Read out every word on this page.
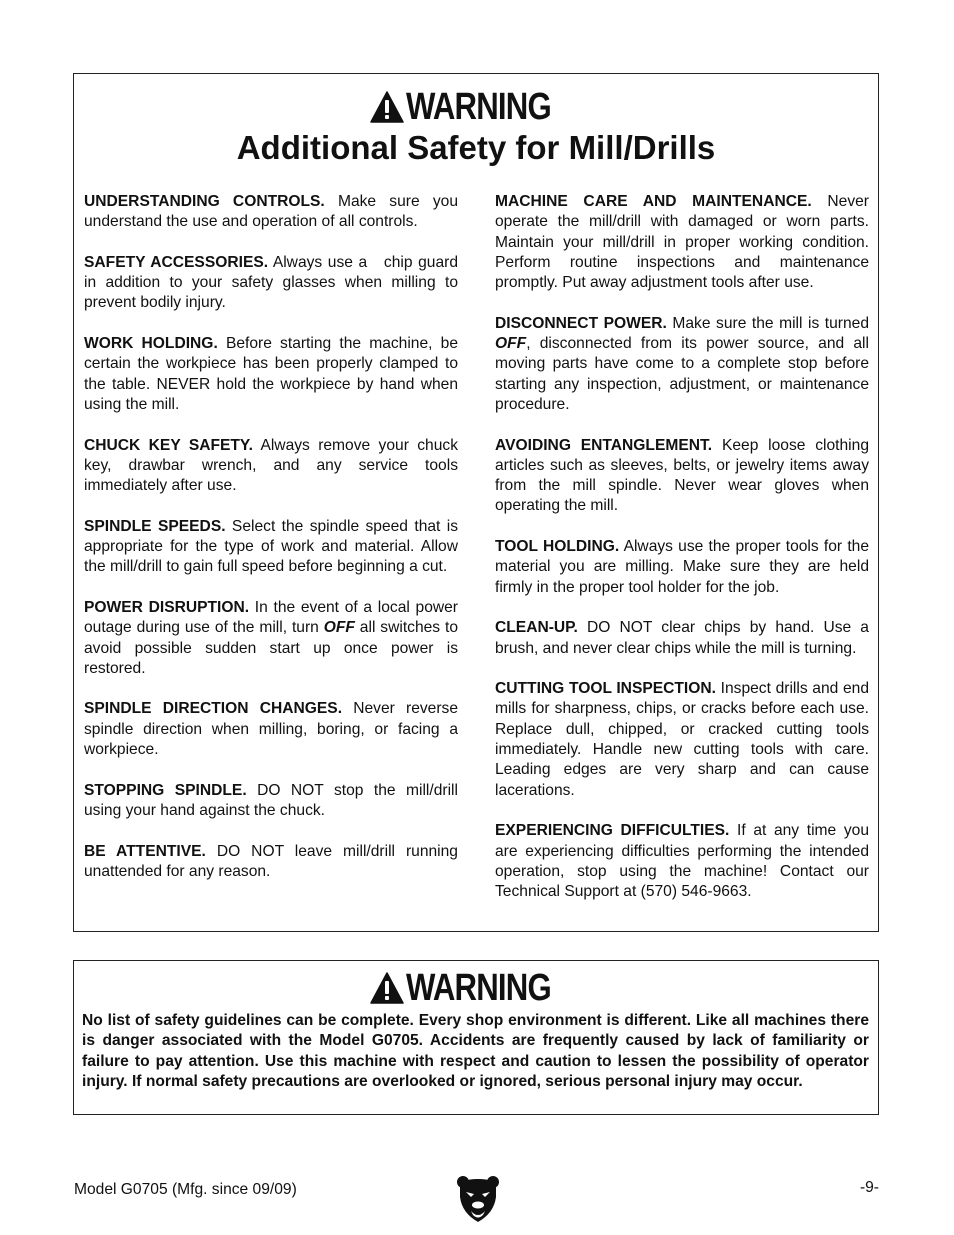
WARNING
Additional Safety for Mill/Drills

UNDERSTANDING CONTROLS. Make sure you understand the use and operation of all controls.

SAFETY ACCESSORIES. Always use a   chip guard in addition to your safety glasses when milling to prevent bodily injury.

WORK HOLDING. Before starting the machine, be certain the workpiece has been properly clamped to the table. NEVER hold the workpiece by hand when using the mill.

CHUCK KEY SAFETY. Always remove your chuck key, drawbar wrench, and any service tools immediately after use.

SPINDLE SPEEDS. Select the spindle speed that is appropriate for the type of work and material. Allow the mill/drill to gain full speed before beginning a cut.

POWER DISRUPTION. In the event of a local power outage during use of the mill, turn OFF all switches to avoid possible sudden start up once power is restored.

SPINDLE DIRECTION CHANGES. Never reverse spindle direction when milling, boring, or facing a workpiece.

STOPPING SPINDLE. DO NOT stop the mill/drill using your hand against the chuck.

BE ATTENTIVE. DO NOT leave mill/drill running unattended for any reason.

MACHINE CARE AND MAINTENANCE. Never operate the mill/drill with damaged or worn parts. Maintain your mill/drill in proper working condition. Perform routine inspections and maintenance promptly. Put away adjustment tools after use.

DISCONNECT POWER. Make sure the mill is turned OFF, disconnected from its power source, and all moving parts have come to a complete stop before starting any inspection, adjustment, or maintenance procedure.

AVOIDING ENTANGLEMENT. Keep loose clothing articles such as sleeves, belts, or jewelry items away from the mill spindle. Never wear gloves when operating the mill.

TOOL HOLDING. Always use the proper tools for the material you are milling. Make sure they are held firmly in the proper tool holder for the job.

CLEAN-UP. DO NOT clear chips by hand. Use a brush, and never clear chips while the mill is turning.

CUTTING TOOL INSPECTION. Inspect drills and end mills for sharpness, chips, or cracks before each use. Replace dull, chipped, or cracked cutting tools immediately. Handle new cutting tools with care. Leading edges are very sharp and can cause lacerations.

EXPERIENCING DIFFICULTIES. If at any time you are experiencing difficulties performing the intended operation, stop using the machine! Contact our Technical Support at (570) 546-9663.

WARNING

No list of safety guidelines can be complete. Every shop environment is different. Like all machines there is danger associated with the Model G0705. Accidents are frequently caused by lack of familiarity or failure to pay attention. Use this machine with respect and caution to lessen the possibility of operator injury. If normal safety precautions are overlooked or ignored, serious personal injury may occur.

Model G0705 (Mfg. since 09/09)	-9-
